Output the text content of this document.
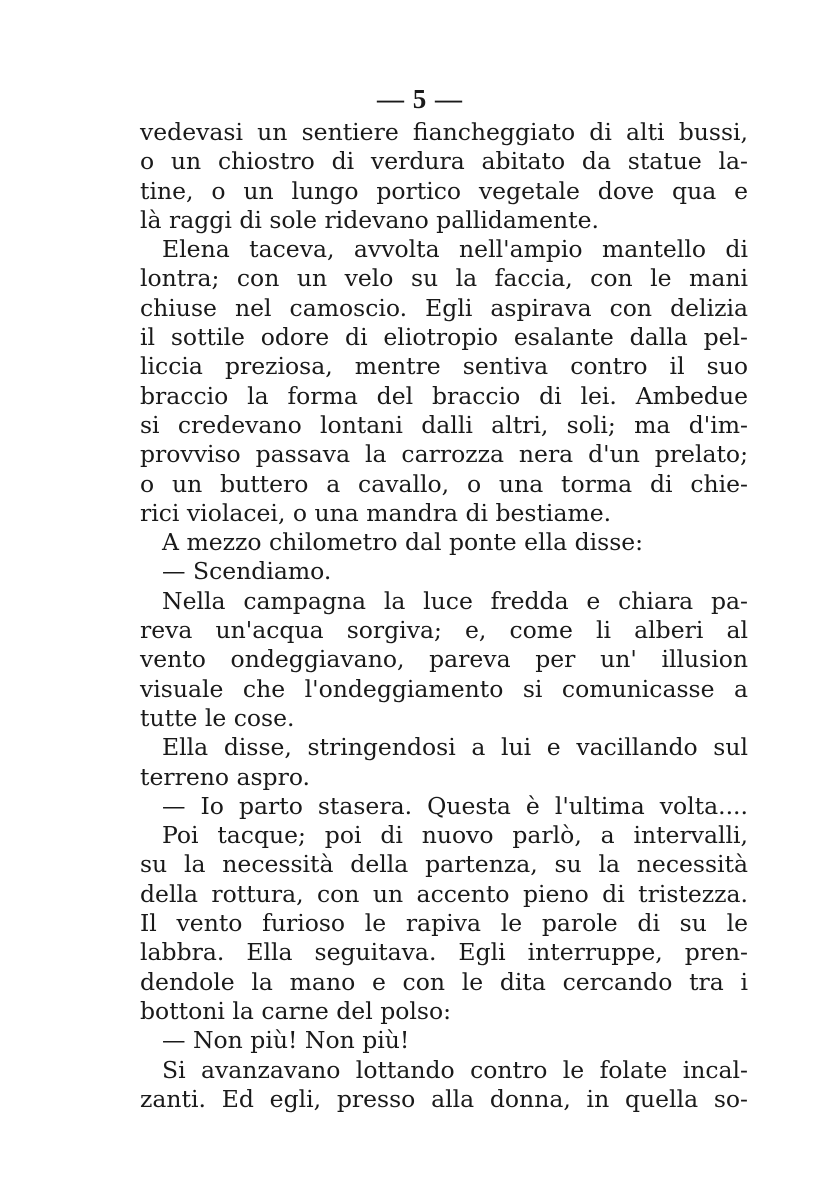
— 5 —
vedevasi un sentiere fiancheggiato di alti bussi,
o un chiostro di verdura abitato da statue la-
tine, o un lungo portico vegetale dove qua e
là raggi di sole ridevano pallidamente.
Elena taceva, avvolta nell'ampio mantello di
lontra; con un velo su la faccia, con le mani
chiuse nel camoscio. Egli aspirava con delizia
il sottile odore di eliotropio esalante dalla pel-
liccia preziosa, mentre sentiva contro il suo
braccio la forma del braccio di lei. Ambedue
si credevano lontani dalli altri, soli; ma d'im-
provviso passava la carrozza nera d'un prelato;
o un buttero a cavallo, o una torma di chie-
rici violacei, o una mandra di bestiame.
A mezzo chilometro dal ponte ella disse:
— Scendiamo.
Nella campagna la luce fredda e chiara pa-
reva un'acqua sorgiva; e, come li alberi al
vento ondeggiavano, pareva per un' illusion
visuale che l'ondeggiamento si comunicasse a
tutte le cose.
Ella disse, stringendosi a lui e vacillando sul
terreno aspro.
— Io parto stasera. Questa è l'ultima volta....
Poi tacque; poi di nuovo parlò, a intervalli,
su la necessità della partenza, su la necessità
della rottura, con un accento pieno di tristezza.
Il vento furioso le rapiva le parole di su le
labbra. Ella seguitava. Egli interruppe, pren-
dendole la mano e con le dita cercando tra i
bottoni la carne del polso:
— Non più! Non più!
Si avanzavano lottando contro le folate incal-
zanti. Ed egli, presso alla donna, in quella so-
